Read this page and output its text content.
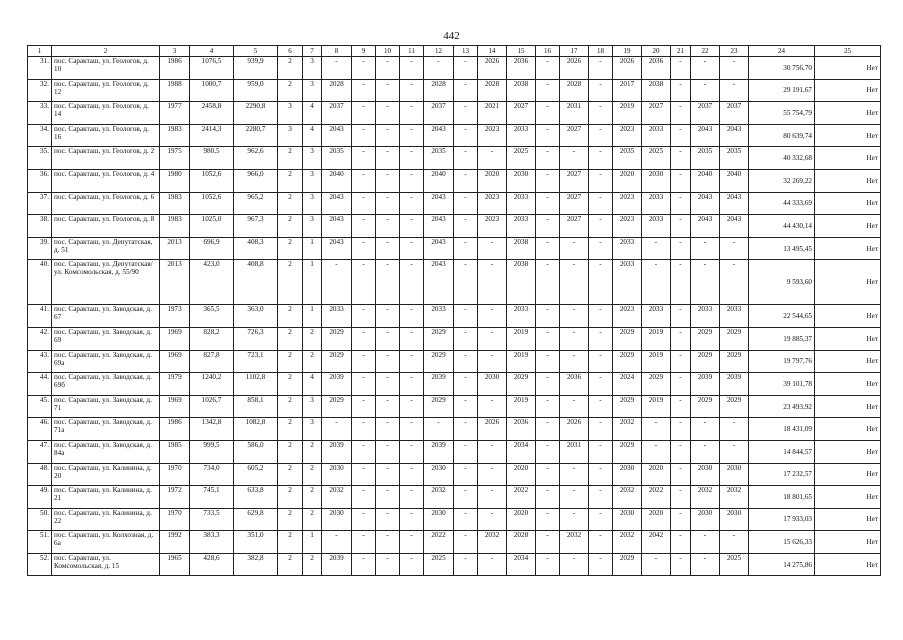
442
1	2	3	4	5	6	7	8	9	10	11	12	13	14	15	16	17	18	19	20	21	22	23	24	25
31.	пос. Саракташ, ул. Геологов, д. 10	1986	1076,5	939,9	2	3	-	-	-	-	-	-	2026	2036	-	2026	-	2026	2036	-	-	-	30 756,70	Нет
32.	пос. Саракташ, ул. Геологов, д. 12	1988	1000,7	959,0	2	3	2028	-	-	-	2028	-	2028	2038	-	2028	-	2017	2038	-	-	-	29 191,67	Нет
33.	пос. Саракташ, ул. Геологов, д. 14	1977	2458,8	2290,8	3	4	2037	-	-	-	2037	-	2021	2027	-	2031	-	2019	2027	-	2037	2037	55 754,79	Нет
34.	пос. Саракташ, ул. Геологов, д. 16	1983	2414,3	2280,7	3	4	2043	-	-	-	2043	-	2023	2033	-	2027	-	2023	2033	-	2043	2043	80 639,74	Нет
35.	пос. Саракташ, ул. Геологов, д. 2	1975	980,5	962,6	2	3	2035	-	-	-	2035	-	-	2025	-	-	-	2035	2025	-	2035	2035	40 332,68	Нет
36.	пос. Саракташ, ул. Геологов, д. 4	1980	1052,6	966,0	2	3	2040	-	-	-	2040	-	2020	2030	-	2027	-	2020	2030	-	2040	2040	32 269,22	Нет
37.	пос. Саракташ, ул. Геологов, д. 6	1983	1052,6	965,2	2	3	2043	-	-	-	2043	-	2023	2033	-	2027	-	2023	2033	-	2043	2043	44 333,69	Нет
38.	пос. Саракташ, ул. Геологов, д. 8	1983	1025,0	967,3	2	3	2043	-	-	-	2043	-	2023	2033	-	2027	-	2023	2033	-	2043	2043	44 430,14	Нет
39.	пос. Саракташ, ул. Депутатская, д. 51	2013	696,9	408,3	2	1	2043	-	-	-	2043	-	-	2038	-	-	-	2033	-	-	-	-	13 495,45	Нет
40.	пос. Саракташ, ул. Депутатская/ ул. Комсомольская, д. 55/90	2013	423,0	408,8	2	1	-	-	-	-	2043	-	-	2038	-	-	-	2033	-	-	-	-	9 593,60	Нет
41.	пос. Саракташ, ул. Заводская, д. 67	1973	365,5	363,0	2	1	2033	-	-	-	2033	-	-	2033	-	-	-	2023	2033	-	2033	2033	22 544,65	Нет
42.	пос. Саракташ, ул. Заводская, д. 69	1969	828,2	726,3	2	2	2029	-	-	-	2029	-	-	2019	-	-	-	2029	2019	-	2029	2029	19 885,37	Нет
43.	пос. Саракташ, ул. Заводская, д. 69а	1969	827,8	723,1	2	2	2029	-	-	-	2029	-	-	2019	-	-	-	2029	2019	-	2029	2029	19 797,76	Нет
44.	пос. Саракташ, ул. Заводская, д. 69б	1979	1240,2	1102,8	2	4	2039	-	-	-	2039	-	2030	2029	-	2036	-	2024	2029	-	2039	2039	39 101,78	Нет
45.	пос. Саракташ, ул. Заводская, д. 71	1969	1026,7	858,1	2	3	2029	-	-	-	2029	-	-	2019	-	-	-	2029	2019	-	2029	2029	23 493,92	Нет
46.	пос. Саракташ, ул. Заводская, д. 71а	1986	1342,8	1082,8	2	3	-	-	-	-	-	-	2026	2036	-	2026	-	2032	-	-	-	-	18 431,09	Нет
47.	пос. Саракташ, ул. Заводская, д. 84а	1985	999,5	586,0	2	2	2039	-	-	-	2039	-	-	2034	-	2031	-	2029	-	-	-	-	14 844,57	Нет
48.	пос. Саракташ, ул. Калинина, д. 20	1970	734,0	605,2	2	2	2030	-	-	-	2030	-	-	2020	-	-	-	2030	2020	-	2030	2030	17 232,57	Нет
49.	пос. Саракташ, ул. Калинина, д. 21	1972	745,1	633,8	2	2	2032	-	-	-	2032	-	-	2022	-	-	-	2032	2022	-	2032	2032	18 801,65	Нет
50.	пос. Саракташ, ул. Калинина, д. 22	1970	733,5	629,8	2	2	2030	-	-	-	2030	-	-	2020	-	-	-	2030	2020	-	2030	2030	17 933,03	Нет
51.	пос. Саракташ, ул. Колхозная, д. 6а	1992	383,3	351,0	2	1	-	-	-	-	2022	-	2032	2028	-	2032	-	2032	2042	-	-	-	15 626,33	Нет
52.	пос. Саракташ, ул. Комсомольская, д. 15	1965	428,6	382,8	2	2	2039	-	-	-	2025	-	-	2034	-	-	-	2029	-	-	-	2025	14 275,86	Нет
